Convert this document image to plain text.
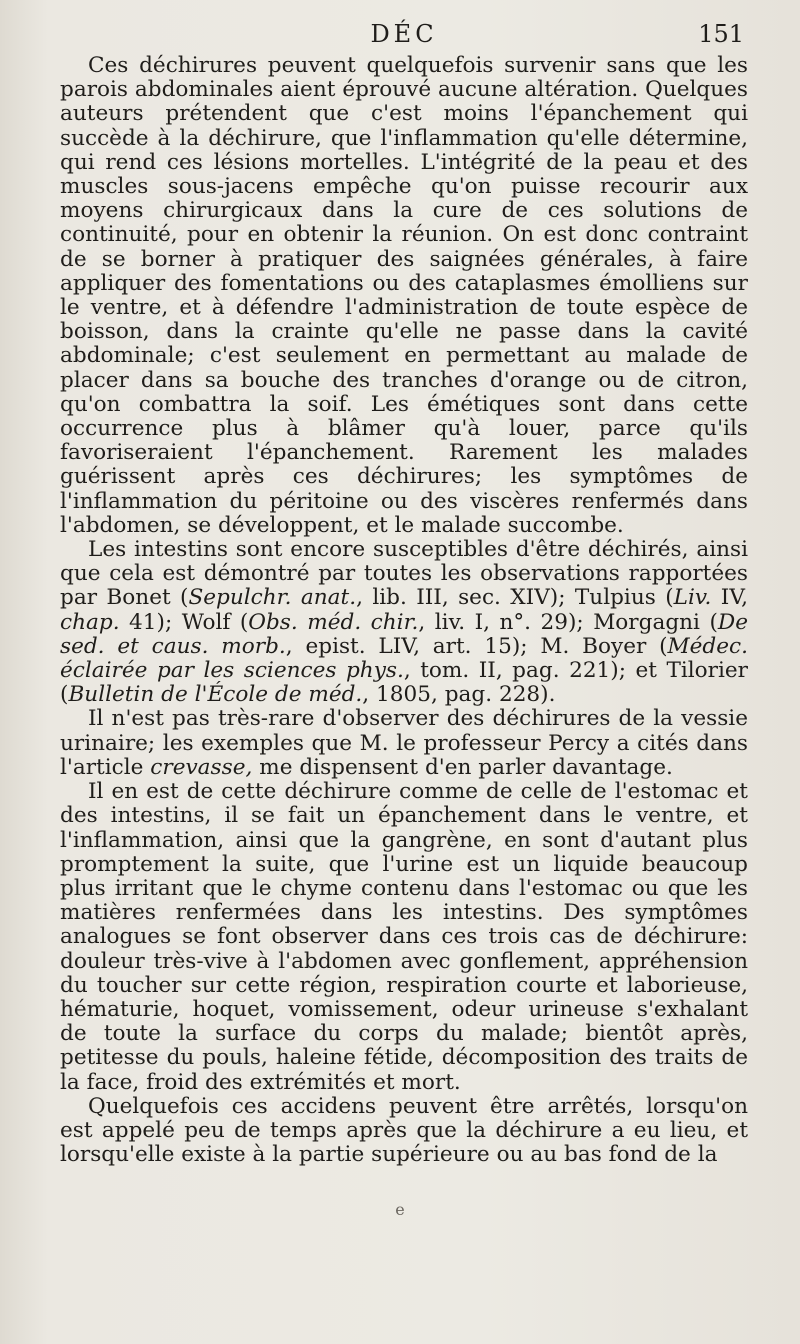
DÉC	151

Ces déchirures peuvent quelquefois survenir sans que les parois abdominales aient éprouvé aucune altération. Quelques auteurs prétendent que c'est moins l'épanchement qui succède à la déchirure, que l'inflammation qu'elle détermine, qui rend ces lésions mortelles. L'intégrité de la peau et des muscles sous-jacens empêche qu'on puisse recourir aux moyens chirurgicaux dans la cure de ces solutions de continuité, pour en obtenir la réunion. On est donc contraint de se borner à pratiquer des saignées générales, à faire appliquer des fomentations ou des cataplasmes émolliens sur le ventre, et à défendre l'administration de toute espèce de boisson, dans la crainte qu'elle ne passe dans la cavité abdominale; c'est seulement en permettant au malade de placer dans sa bouche des tranches d'orange ou de citron, qu'on combattra la soif. Les émétiques sont dans cette occurrence plus à blâmer qu'à louer, parce qu'ils favoriseraient l'épanchement. Rarement les malades guérissent après ces déchirures; les symptômes de l'inflammation du péritoine ou des viscères renfermés dans l'abdomen, se développent, et le malade succombe.

Les intestins sont encore susceptibles d'être déchirés, ainsi que cela est démontré par toutes les observations rapportées par Bonet (Sepulchr. anat., lib. III, sec. XIV); Tulpius (Liv. IV, chap. 41); Wolf (Obs. méd. chir., liv. I, n°. 29); Morgagni (De sed. et caus. morb., epist. LIV, art. 15); M. Boyer (Médec. éclairée par les sciences phys., tom. II, pag. 221); et Tilorier (Bulletin de l'École de méd., 1805, pag. 228).

Il n'est pas très-rare d'observer des déchirures de la vessie urinaire; les exemples que M. le professeur Percy a cités dans l'article crevasse, me dispensent d'en parler davantage.

Il en est de cette déchirure comme de celle de l'estomac et des intestins, il se fait un épanchement dans le ventre, et l'inflammation, ainsi que la gangrène, en sont d'autant plus promptement la suite, que l'urine est un liquide beaucoup plus irritant que le chyme contenu dans l'estomac ou que les matières renfermées dans les intestins. Des symptômes analogues se font observer dans ces trois cas de déchirure: douleur très-vive à l'abdomen avec gonflement, appréhension du toucher sur cette région, respiration courte et laborieuse, hématurie, hoquet, vomissement, odeur urineuse s'exhalant de toute la surface du corps du malade; bientôt après, petitesse du pouls, haleine fétide, décomposition des traits de la face, froid des extrémités et mort.

Quelquefois ces accidens peuvent être arrêtés, lorsqu'on est appelé peu de temps après que la déchirure a eu lieu, et lorsqu'elle existe à la partie supérieure ou au bas fond de la

e
